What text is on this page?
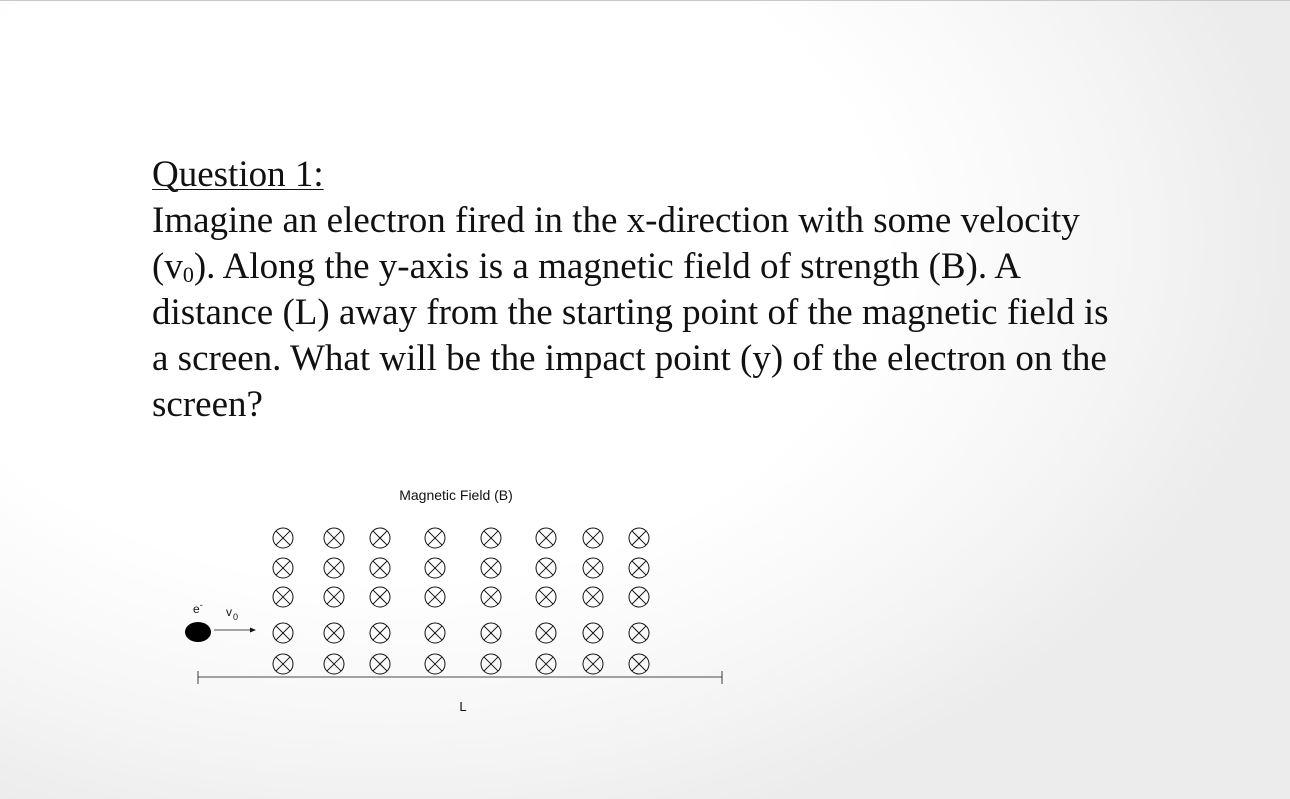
Question 1:
Imagine an electron fired in the x-direction with some velocity
$(v_0)$. Along the y-axis is a magnetic field of strength (B). A
distance (L) away from the starting point of the magnetic field is
a screen. What will be the impact point (y) of the electron on the
screen?
Magnetic Field (B)
e- $v_0$
L
